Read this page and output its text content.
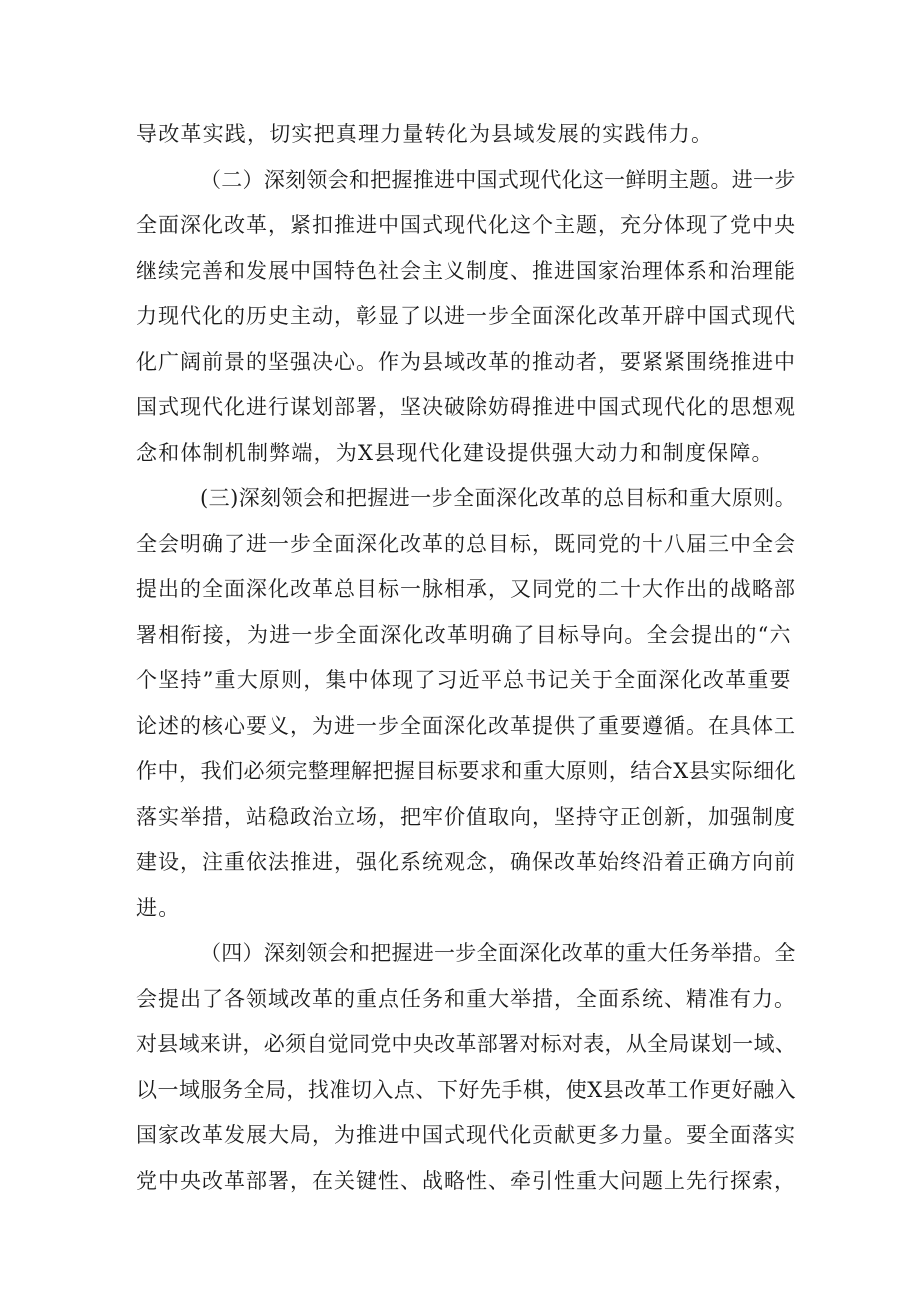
导改革实践，切实把真理力量转化为县域发展的实践伟力。
（二）深刻领会和把握推进中国式现代化这一鲜明主题。进一步
全面深化改革，紧扣推进中国式现代化这个主题，充分体现了党中央
继续完善和发展中国特色社会主义制度、推进国家治理体系和治理能
力现代化的历史主动，彰显了以进一步全面深化改革开辟中国式现代
化广阔前景的坚强决心。作为县域改革的推动者，要紧紧围绕推进中
国式现代化进行谋划部署，坚决破除妨碍推进中国式现代化的思想观
念和体制机制弊端，为X县现代化建设提供强大动力和制度保障。
(三)深刻领会和把握进一步全面深化改革的总目标和重大原则。
全会明确了进一步全面深化改革的总目标，既同党的十八届三中全会
提出的全面深化改革总目标一脉相承，又同党的二十大作出的战略部
署相衔接，为进一步全面深化改革明确了目标导向。全会提出的“六
个坚持”重大原则，集中体现了习近平总书记关于全面深化改革重要
论述的核心要义，为进一步全面深化改革提供了重要遵循。在具体工
作中，我们必须完整理解把握目标要求和重大原则，结合X县实际细化
落实举措，站稳政治立场，把牢价值取向，坚持守正创新，加强制度
建设，注重依法推进，强化系统观念，确保改革始终沿着正确方向前
进。
（四）深刻领会和把握进一步全面深化改革的重大任务举措。全
会提出了各领域改革的重点任务和重大举措，全面系统、精准有力。
对县域来讲，必须自觉同党中央改革部署对标对表，从全局谋划一域、
以一域服务全局，找准切入点、下好先手棋，使X县改革工作更好融入
国家改革发展大局，为推进中国式现代化贡献更多力量。要全面落实
党中央改革部署，在关键性、战略性、牵引性重大问题上先行探索，
